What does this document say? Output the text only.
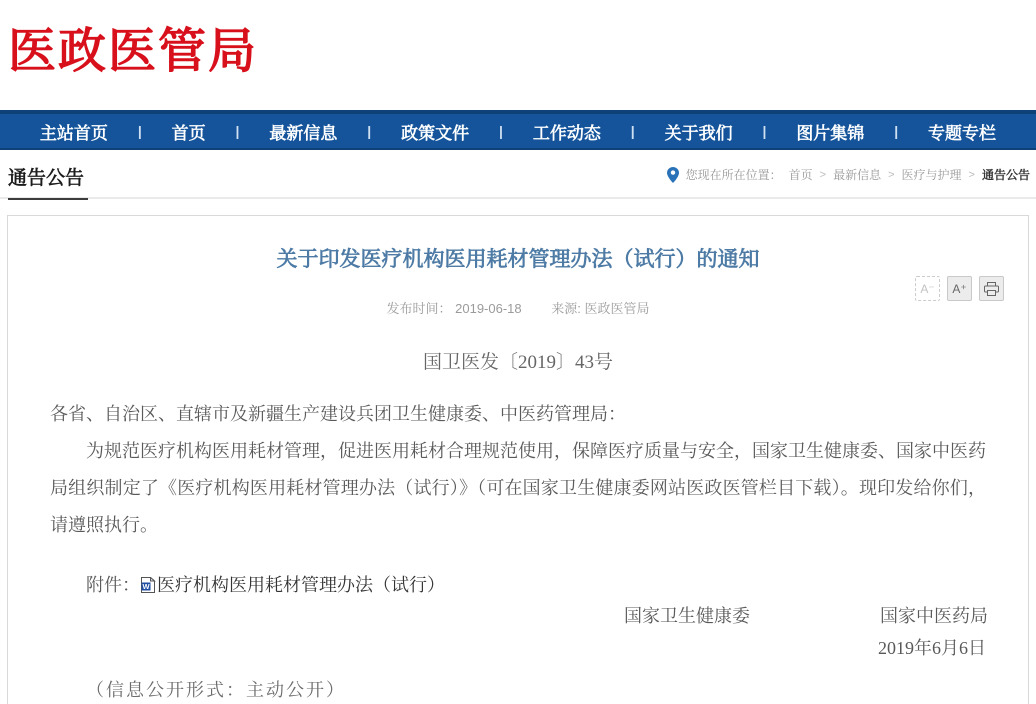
医政医管局
主站首页 | 首页 | 最新信息 | 政策文件 | 工作动态 | 关于我们 | 图片集锦 | 专题专栏
通告公告	您现在所在位置： 首页 > 最新信息 > 医疗与护理 > 通告公告
关于印发医疗机构医用耗材管理办法（试行）的通知
发布时间： 2019-06-18 来源: 医政医管局
A⁻	A⁺
国卫医发〔2019〕43号

各省、自治区、直辖市及新疆生产建设兵团卫生健康委、中医药管理局：

为规范医疗机构医用耗材管理，促进医用耗材合理规范使用，保障医疗质量与安全，国家卫生健康委、国家中医药局组织制定了《医疗机构医用耗材管理办法（试行）》（可在国家卫生健康委网站医政医管栏目下载）。现印发给你们，请遵照执行。

附件： W 医疗机构医用耗材管理办法（试行）
国家卫生健康委	国家中医药局
2019年6月6日
（信息公开形式：主动公开）
